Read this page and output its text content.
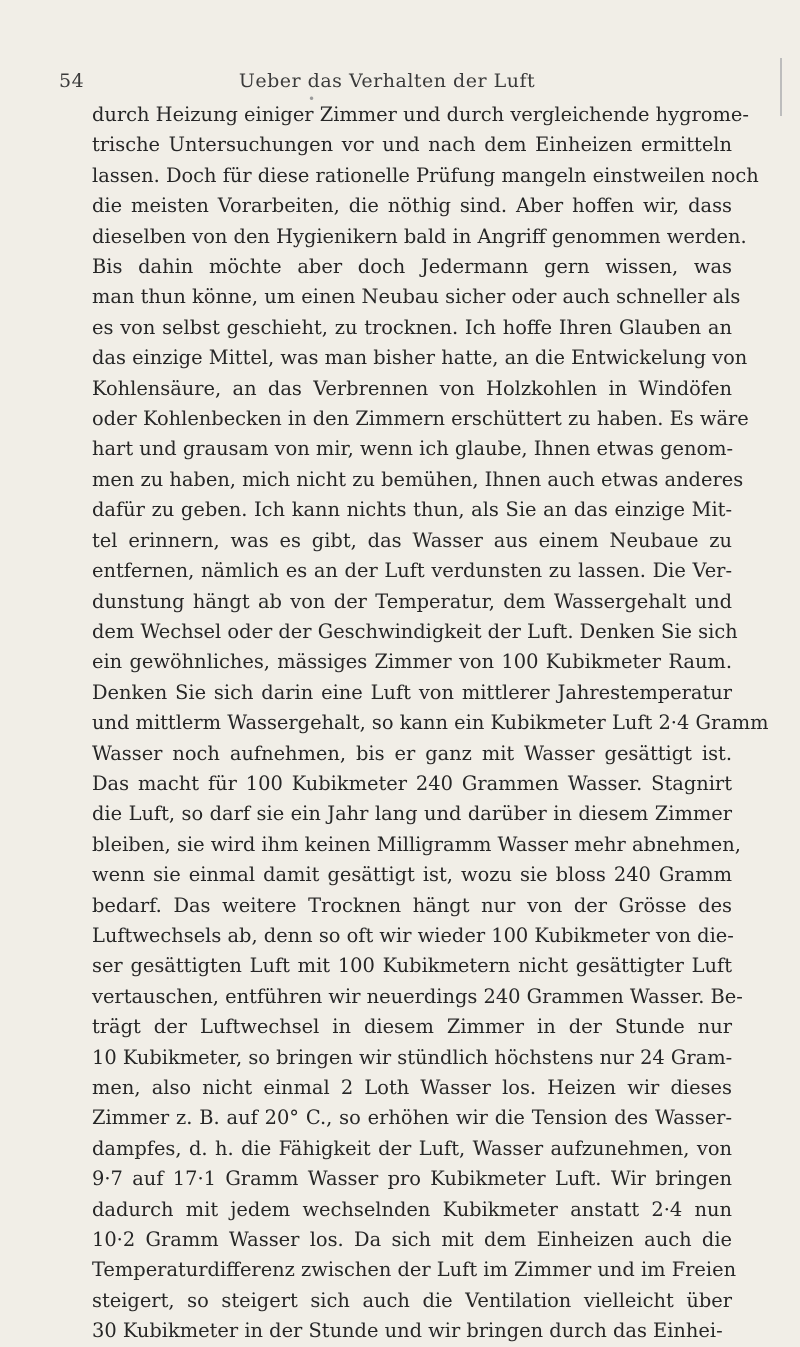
54	Ueber das Verhalten der Luft
•
durch Heizung einiger Zimmer und durch vergleichende hygrome-
trische Untersuchungen vor und nach dem Einheizen ermitteln
lassen. Doch für diese rationelle Prüfung mangeln einstweilen noch
die meisten Vorarbeiten, die nöthig sind. Aber hoffen wir, dass
dieselben von den Hygienikern bald in Angriff genommen werden.
Bis dahin möchte aber doch Jedermann gern wissen, was
man thun könne, um einen Neubau sicher oder auch schneller als
es von selbst geschieht, zu trocknen. Ich hoffe Ihren Glauben an
das einzige Mittel, was man bisher hatte, an die Entwickelung von
Kohlensäure, an das Verbrennen von Holzkohlen in Windöfen
oder Kohlenbecken in den Zimmern erschüttert zu haben. Es wäre
hart und grausam von mir, wenn ich glaube, Ihnen etwas genom-
men zu haben, mich nicht zu bemühen, Ihnen auch etwas anderes
dafür zu geben. Ich kann nichts thun, als Sie an das einzige Mit-
tel erinnern, was es gibt, das Wasser aus einem Neubaue zu
entfernen, nämlich es an der Luft verdunsten zu lassen. Die Ver-
dunstung hängt ab von der Temperatur, dem Wassergehalt und
dem Wechsel oder der Geschwindigkeit der Luft. Denken Sie sich
ein gewöhnliches, mässiges Zimmer von 100 Kubikmeter Raum.
Denken Sie sich darin eine Luft von mittlerer Jahrestemperatur
und mittlerm Wassergehalt, so kann ein Kubikmeter Luft 2·4 Gramm
Wasser noch aufnehmen, bis er ganz mit Wasser gesättigt ist.
Das macht für 100 Kubikmeter 240 Grammen Wasser. Stagnirt
die Luft, so darf sie ein Jahr lang und darüber in diesem Zimmer
bleiben, sie wird ihm keinen Milligramm Wasser mehr abnehmen,
wenn sie einmal damit gesättigt ist, wozu sie bloss 240 Gramm
bedarf. Das weitere Trocknen hängt nur von der Grösse des
Luftwechsels ab, denn so oft wir wieder 100 Kubikmeter von die-
ser gesättigten Luft mit 100 Kubikmetern nicht gesättigter Luft
vertauschen, entführen wir neuerdings 240 Grammen Wasser. Be-
trägt der Luftwechsel in diesem Zimmer in der Stunde nur
10 Kubikmeter, so bringen wir stündlich höchstens nur 24 Gram-
men, also nicht einmal 2 Loth Wasser los. Heizen wir dieses
Zimmer z. B. auf 20° C., so erhöhen wir die Tension des Wasser-
dampfes, d. h. die Fähigkeit der Luft, Wasser aufzunehmen, von
9·7 auf 17·1 Gramm Wasser pro Kubikmeter Luft. Wir bringen
dadurch mit jedem wechselnden Kubikmeter anstatt 2·4 nun
10·2 Gramm Wasser los. Da sich mit dem Einheizen auch die
Temperaturdifferenz zwischen der Luft im Zimmer und im Freien
steigert, so steigert sich auch die Ventilation vielleicht über
30 Kubikmeter in der Stunde und wir bringen durch das Einhei-
